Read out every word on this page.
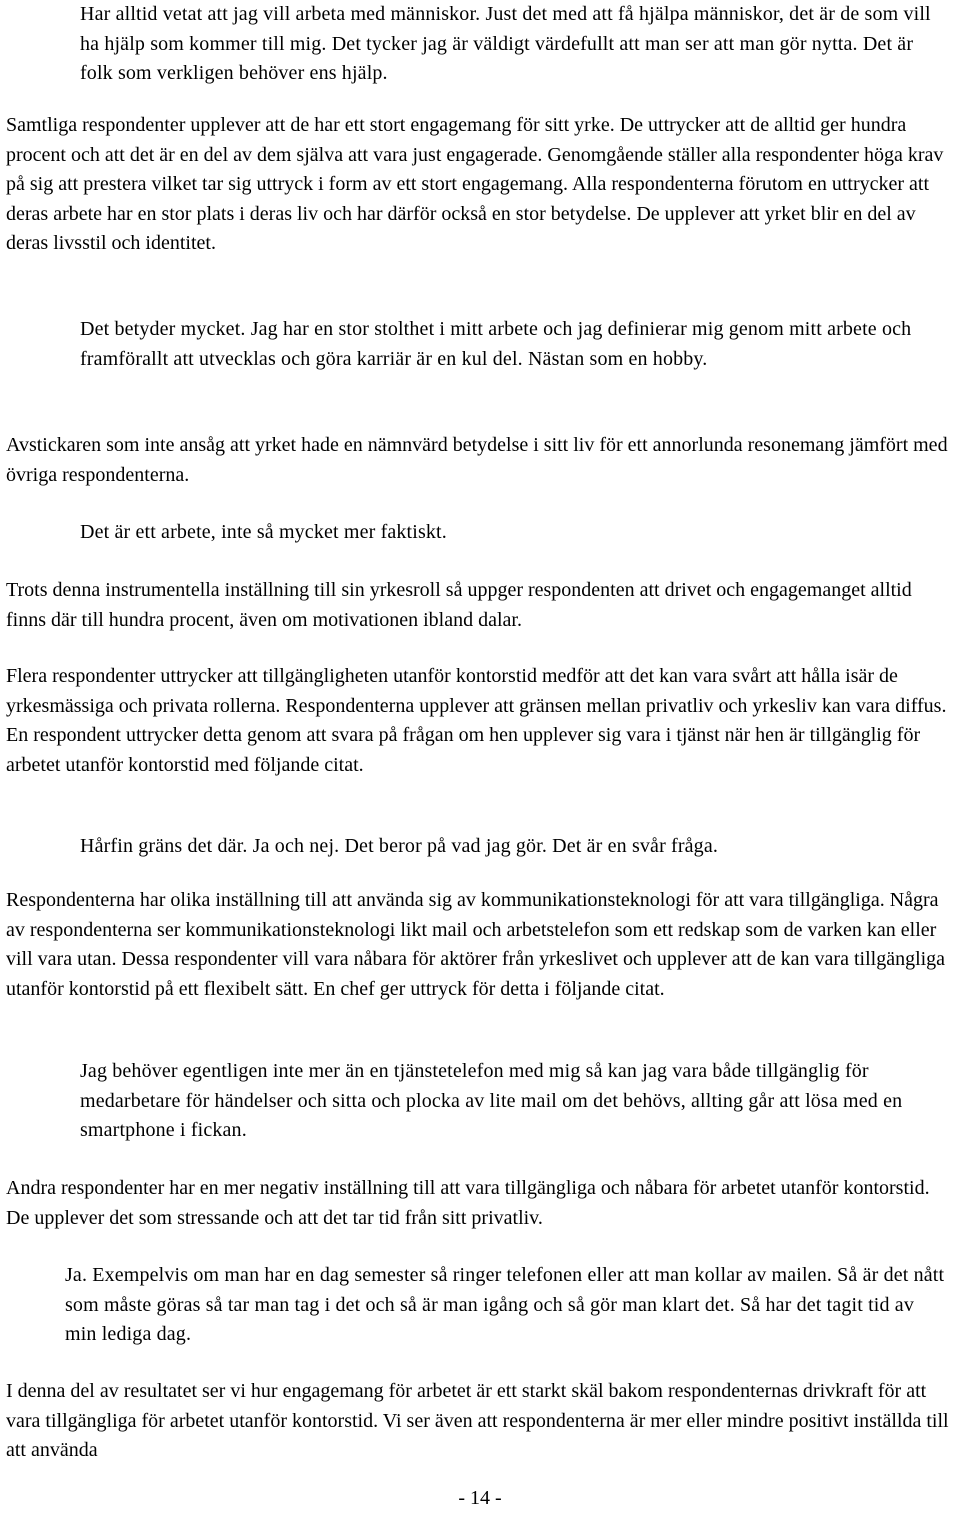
Har alltid vetat att jag vill arbeta med människor. Just det med att få hjälpa människor, det är de som vill ha hjälp som kommer till mig. Det tycker jag är väldigt värdefullt att man ser att man gör nytta. Det är folk som verkligen behöver ens hjälp.

Samtliga respondenter upplever att de har ett stort engagemang för sitt yrke. De uttrycker att de alltid ger hundra procent och att det är en del av dem själva att vara just engagerade. Genomgående ställer alla respondenter höga krav på sig att prestera vilket tar sig uttryck i form av ett stort engagemang. Alla respondenterna förutom en uttrycker att deras arbete har en stor plats i deras liv och har därför också en stor betydelse. De upplever att yrket blir en del av deras livsstil och identitet.

Det betyder mycket. Jag har en stor stolthet i mitt arbete och jag definierar mig genom mitt arbete och framförallt att utvecklas och göra karriär är en kul del. Nästan som en hobby.

Avstickaren som inte ansåg att yrket hade en nämnvärd betydelse i sitt liv för ett annorlunda resonemang jämfört med övriga respondenterna.

Det är ett arbete, inte så mycket mer faktiskt.

Trots denna instrumentella inställning till sin yrkesroll så uppger respondenten att drivet och engagemanget alltid finns där till hundra procent, även om motivationen ibland dalar.

Flera respondenter uttrycker att tillgängligheten utanför kontorstid medför att det kan vara svårt att hålla isär de yrkesmässiga och privata rollerna. Respondenterna upplever att gränsen mellan privatliv och yrkesliv kan vara diffus. En respondent uttrycker detta genom att svara på frågan om hen upplever sig vara i tjänst när hen är tillgänglig för arbetet utanför kontorstid med följande citat.

Hårfin gräns det där. Ja och nej. Det beror på vad jag gör. Det är en svår fråga.

Respondenterna har olika inställning till att använda sig av kommunikationsteknologi för att vara tillgängliga. Några av respondenterna ser kommunikationsteknologi likt mail och arbetstelefon som ett redskap som de varken kan eller vill vara utan. Dessa respondenter vill vara nåbara för aktörer från yrkeslivet och upplever att de kan vara tillgängliga utanför kontorstid på ett flexibelt sätt. En chef ger uttryck för detta i följande citat.

Jag behöver egentligen inte mer än en tjänstetelefon med mig så kan jag vara både tillgänglig för medarbetare för händelser och sitta och plocka av lite mail om det behövs, allting går att lösa med en smartphone i fickan.

Andra respondenter har en mer negativ inställning till att vara tillgängliga och nåbara för arbetet utanför kontorstid. De upplever det som stressande och att det tar tid från sitt privatliv.

Ja. Exempelvis om man har en dag semester så ringer telefonen eller att man kollar av mailen. Så är det nått som måste göras så tar man tag i det och så är man igång och så gör man klart det. Så har det tagit tid av min lediga dag.

I denna del av resultatet ser vi hur engagemang för arbetet är ett starkt skäl bakom respondenternas drivkraft för att vara tillgängliga för arbetet utanför kontorstid. Vi ser även att respondenterna är mer eller mindre positivt inställda till att använda

- 14 -
